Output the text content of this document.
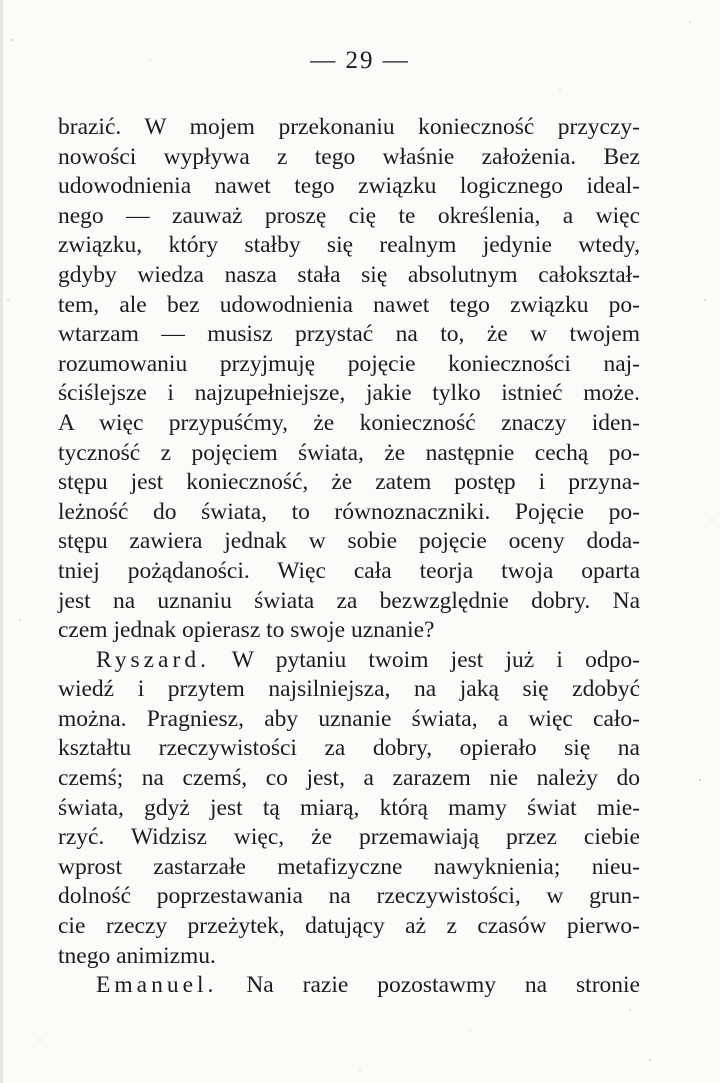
— 29 —
brazić. W mojem przekonaniu konieczność przyczy-
nowości wypływa z tego właśnie założenia. Bez
udowodnienia nawet tego związku logicznego ideal-
nego — zauważ proszę cię te określenia, a więc
związku, który stałby się realnym jedynie wtedy,
gdyby wiedza nasza stała się absolutnym całokształ-
tem, ale bez udowodnienia nawet tego związku po-
wtarzam — musisz przystać na to, że w twojem
rozumowaniu przyjmuję pojęcie konieczności naj-
ściślejsze i najzupełniejsze, jakie tylko istnieć może.
A więc przypuśćmy, że konieczność znaczy iden-
tyczność z pojęciem świata, że następnie cechą po-
stępu jest konieczność, że zatem postęp i przyna-
leżność do świata, to równoznaczniki. Pojęcie po-
stępu zawiera jednak w sobie pojęcie oceny doda-
tniej pożądaności. Więc cała teorja twoja oparta
jest na uznaniu świata za bezwzględnie dobry. Na
czem jednak opierasz to swoje uznanie?
Ryszard. W pytaniu twoim jest już i odpo-
wiedź i przytem najsilniejsza, na jaką się zdobyć
można. Pragniesz, aby uznanie świata, a więc cało-
kształtu rzeczywistości za dobry, opierało się na
czemś; na czemś, co jest, a zarazem nie należy do
świata, gdyż jest tą miarą, którą mamy świat mie-
rzyć. Widzisz więc, że przemawiają przez ciebie
wprost zastarzałe metafizyczne nawyknienia; nieu-
dolność poprzestawania na rzeczywistości, w grun-
cie rzeczy przeżytek, datujący aż z czasów pierwo-
tnego animizmu.
Emanuel. Na razie pozostawmy na stronie
